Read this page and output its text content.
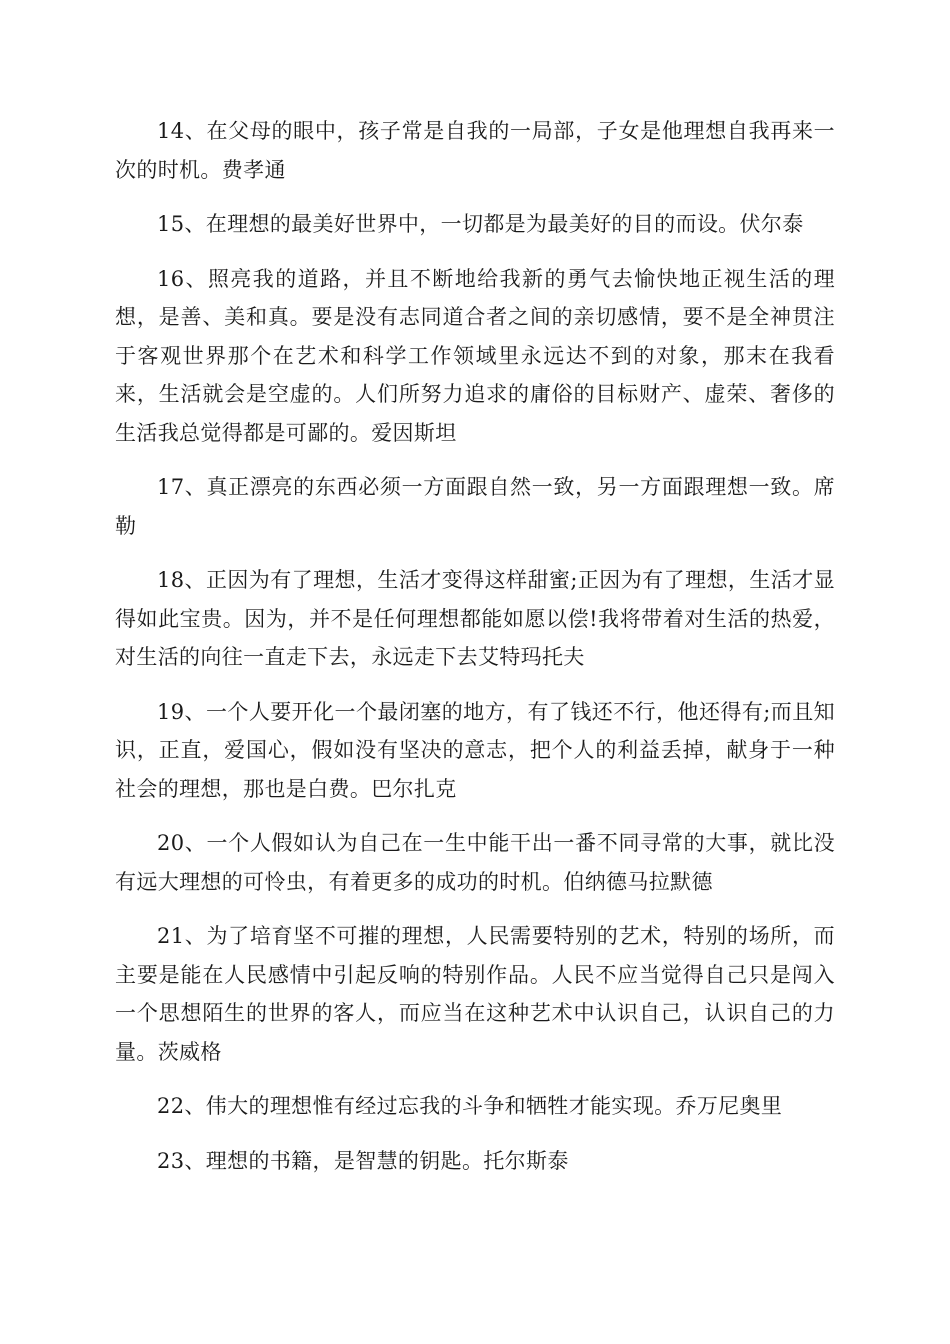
14、在父母的眼中，孩子常是自我的一局部，子女是他理想自我再来一次的时机。费孝通

15、在理想的最美好世界中，一切都是为最美好的目的而设。伏尔泰

16、照亮我的道路，并且不断地给我新的勇气去愉快地正视生活的理想，是善、美和真。要是没有志同道合者之间的亲切感情，要不是全神贯注于客观世界那个在艺术和科学工作领域里永远达不到的对象，那末在我看来，生活就会是空虚的。人们所努力追求的庸俗的目标财产、虚荣、奢侈的生活我总觉得都是可鄙的。爱因斯坦

17、真正漂亮的东西必须一方面跟自然一致，另一方面跟理想一致。席勒

18、正因为有了理想，生活才变得这样甜蜜;正因为有了理想，生活才显得如此宝贵。因为，并不是任何理想都能如愿以偿!我将带着对生活的热爱，对生活的向往一直走下去，永远走下去艾特玛托夫

19、一个人要开化一个最闭塞的地方，有了钱还不行，他还得有;而且知识，正直，爱国心，假如没有坚决的意志，把个人的利益丢掉，献身于一种社会的理想，那也是白费。巴尔扎克

20、一个人假如认为自己在一生中能干出一番不同寻常的大事，就比没有远大理想的可怜虫，有着更多的成功的时机。伯纳德马拉默德

21、为了培育坚不可摧的理想，人民需要特别的艺术，特别的场所，而主要是能在人民感情中引起反响的特别作品。人民不应当觉得自己只是闯入一个思想陌生的世界的客人，而应当在这种艺术中认识自己，认识自己的力量。茨威格

22、伟大的理想惟有经过忘我的斗争和牺牲才能实现。乔万尼奥里

23、理想的书籍，是智慧的钥匙。托尔斯泰
